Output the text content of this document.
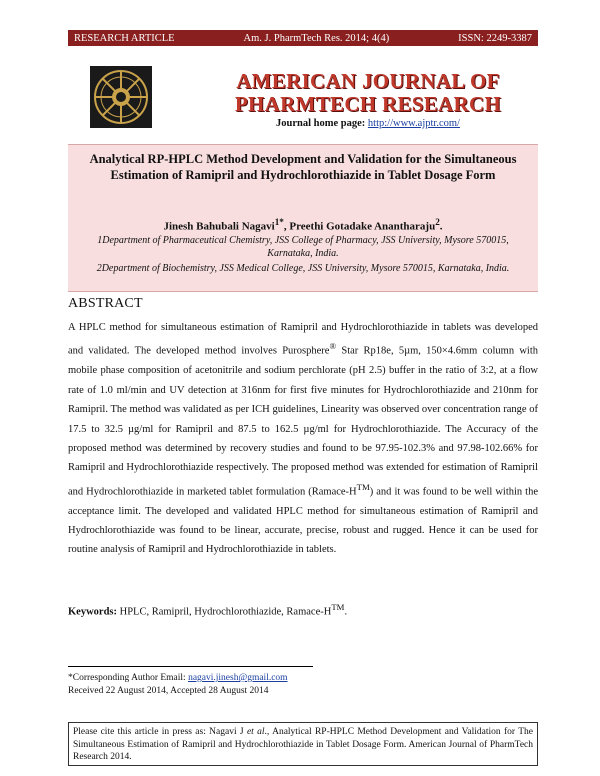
RESEARCH ARTICLE	Am. J. PharmTech Res. 2014; 4(4)	ISSN: 2249-3387
AMERICAN JOURNAL OF PHARMTECH RESEARCH
Journal home page: http://www.ajptr.com/
Analytical RP-HPLC Method Development and Validation for the Simultaneous Estimation of Ramipril and Hydrochlorothiazide in Tablet Dosage Form
Jinesh Bahubali Nagavi$^{1*}$, Preethi Gotadake Anantharaju$^2$.
1Department of Pharmaceutical Chemistry, JSS College of Pharmacy, JSS University, Mysore 570015, Karnataka, India.
2Department of Biochemistry, JSS Medical College, JSS University, Mysore 570015, Karnataka, India.
ABSTRACT
A HPLC method for simultaneous estimation of Ramipril and Hydrochlorothiazide in tablets was developed and validated. The developed method involves Purosphere® Star Rp18e, 5µm, 150×4.6mm column with mobile phase composition of acetonitrile and sodium perchlorate (pH 2.5) buffer in the ratio of 3:2, at a flow rate of 1.0 ml/min and UV detection at 316nm for first five minutes for Hydrochlorothiazide and 210nm for Ramipril. The method was validated as per ICH guidelines, Linearity was observed over concentration range of 17.5 to 32.5 µg/ml for Ramipril and 87.5 to 162.5 µg/ml for Hydrochlorothiazide. The Accuracy of the proposed method was determined by recovery studies and found to be 97.95-102.3% and 97.98-102.66% for Ramipril and Hydrochlorothiazide respectively. The proposed method was extended for estimation of Ramipril and Hydrochlorothiazide in marketed tablet formulation (Ramace-H™) and it was found to be well within the acceptance limit. The developed and validated HPLC method for simultaneous estimation of Ramipril and Hydrochlorothiazide was found to be linear, accurate, precise, robust and rugged. Hence it can be used for routine analysis of Ramipril and Hydrochlorothiazide in tablets.
Keywords: HPLC, Ramipril, Hydrochlorothiazide, Ramace-H™.
*Corresponding Author Email: nagavi.jinesh@gmail.com
Received 22 August 2014, Accepted 28 August 2014
Please cite this article in press as: Nagavi J et al., Analytical RP-HPLC Method Development and Validation for The Simultaneous Estimation of Ramipril and Hydrochlorothiazide in Tablet Dosage Form. American Journal of PharmTech Research 2014.
